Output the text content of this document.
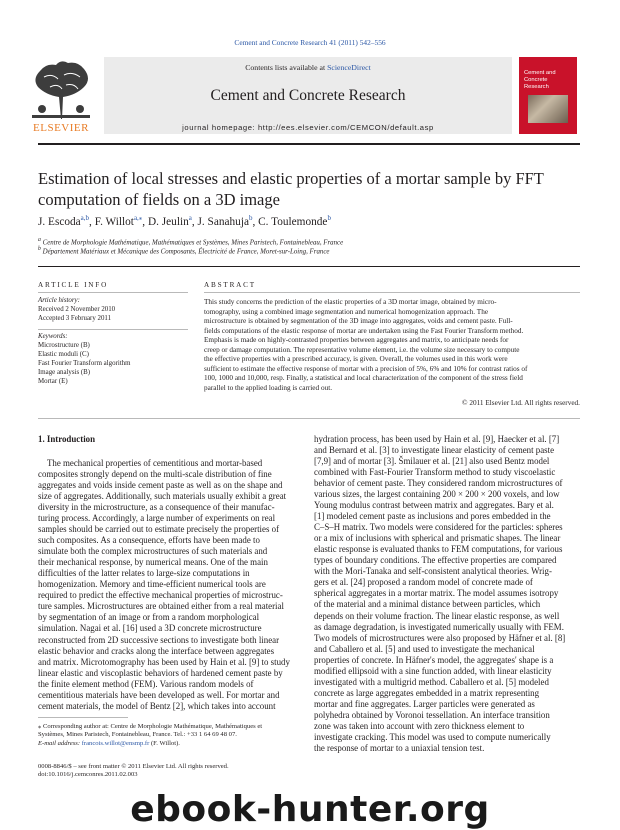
Cement and Concrete Research 41 (2011) 542–556
ELSEVIER
Contents lists available at ScienceDirect
Cement and Concrete Research
journal homepage: http://ees.elsevier.com/CEMCON/default.asp
Cement and
Concrete
Research
Estimation of local stresses and elastic properties of a mortar sample by FFT
computation of fields on a 3D image
J. Escoda$^{a,b}$, F. Willot$^{a,⁎}$, D. Jeulin$^a$, J. Sanahuja$^b$, C. Toulemonde$^b$
$^a$ Centre de Morphologie Mathématique, Mathématiques et Systèmes, Mines Paristech, Fontainebleau, France
$^b$ Département Matériaux et Mécanique des Composants, Électricité de France, Moret-sur-Loing, France
ARTICLE INFO
Article history:
Received 2 November 2010
Accepted 3 February 2011
Keywords:
Microstructure (B)
Elastic moduli (C)
Fast Fourier Transform algorithm
Image analysis (B)
Mortar (E)
ABSTRACT
This study concerns the prediction of the elastic properties of a 3D mortar image, obtained by micro-
tomography, using a combined image segmentation and numerical homogenization approach. The
microstructure is obtained by segmentation of the 3D image into aggregates, voids and cement paste. Full-
fields computations of the elastic response of mortar are undertaken using the Fast Fourier Transform method.
Emphasis is made on highly-contrasted properties between aggregates and matrix, to anticipate needs for
creep or damage computation. The representative volume element, i.e. the volume size necessary to compute
the effective properties with a prescribed accuracy, is given. Overall, the volumes used in this work were
sufficient to estimate the effective response of mortar with a precision of 5%, 6% and 10% for contrast ratios of
100, 1000 and 10,000, resp. Finally, a statistical and local characterization of the component of the stress field
parallel to the applied loading is carried out.
© 2011 Elsevier Ltd. All rights reserved.
1. Introduction

The mechanical properties of cementitious and mortar-based

composites strongly depend on the multi-scale distribution of fine

aggregates and voids inside cement paste as well as on the shape and

size of aggregates. Additionally, such materials usually exhibit a great

diversity in the microstructure, as a consequence of their manufac-

turing process. Accordingly, a large number of experiments on real

samples should be carried out to estimate precisely the properties of

such composites. As a consequence, efforts have been made to

simulate both the complex microstructures of such materials and

their mechanical response, by numerical means. One of the main

difficulties of the latter relates to large-size computations in

homogenization. Memory and time-efficient numerical tools are

required to predict the effective mechanical properties of microstruc-

ture samples. Microstructures are obtained either from a real material

by segmentation of an image or from a random morphological

simulation. Nagai et al. [16] used a 3D concrete microstructure

reconstructed from 2D successive sections to investigate both linear

elastic behavior and cracks along the interface between aggregates

and matrix. Microtomography has been used by Hain et al. [9] to study

linear elastic and viscoplastic behaviors of hardened cement paste by

the finite element method (FEM). Various random models of

cementitious materials have been developed as well. For mortar and

cement materials, the model of Bentz [2], which takes into account

hydration process, has been used by Hain et al. [9], Haecker et al. [7]

and Bernard et al. [3] to investigate linear elasticity of cement paste

[7,9] and of mortar [3]. Šmilauer et al. [21] also used Bentz model

combined with Fast-Fourier Transform method to study viscoelastic

behavior of cement paste. They considered random microstructures of

various sizes, the largest containing 200 × 200 × 200 voxels, and low

Young modulus contrast between matrix and aggregates. Bary et al.

[1] modeled cement paste as inclusions and pores embedded in the

C–S–H matrix. Two models were considered for the particles: spheres

or a mix of inclusions with spherical and prismatic shapes. The linear

elastic response is evaluated thanks to FEM computations, for various

types of boundary conditions. The effective properties are compared

with the Mori-Tanaka and self-consistent analytical theories. Wrig-

gers et al. [24] proposed a random model of concrete made of

spherical aggregates in a mortar matrix. The model assumes isotropy

of the material and a minimal distance between particles, which

depends on their volume fraction. The linear elastic response, as well

as damage degradation, is investigated numerically usually with FEM.

Two models of microstructures were also proposed by Häfner et al. [8]

and Caballero et al. [5] and used to investigate the mechanical

properties of concrete. In Häfner's model, the aggregates' shape is a

modified ellipsoid with a sine function added, with linear elasticity

investigated with a multigrid method. Caballero et al. [5] modeled

concrete as large aggregates embedded in a matrix representing

mortar and fine aggregates. Larger particles were generated as

polyhedra obtained by Voronoi tessellation. An interface transition

zone was taken into account with zero thickness element to

investigate cracking. This model was used to compute numerically

the response of mortar to a uniaxial tension test.

⁎ Corresponding author at: Centre de Morphologie Mathématique, Mathématiques et
Systèmes, Mines Paristech, Fontainebleau, France. Tel.: +33 1 64 69 48 07.
E-mail address: francois.willot@ensmp.fr (F. Willot).
0008-8846/$ – see front matter © 2011 Elsevier Ltd. All rights reserved.
doi:10.1016/j.cemconres.2011.02.003
ebook-hunter.org
